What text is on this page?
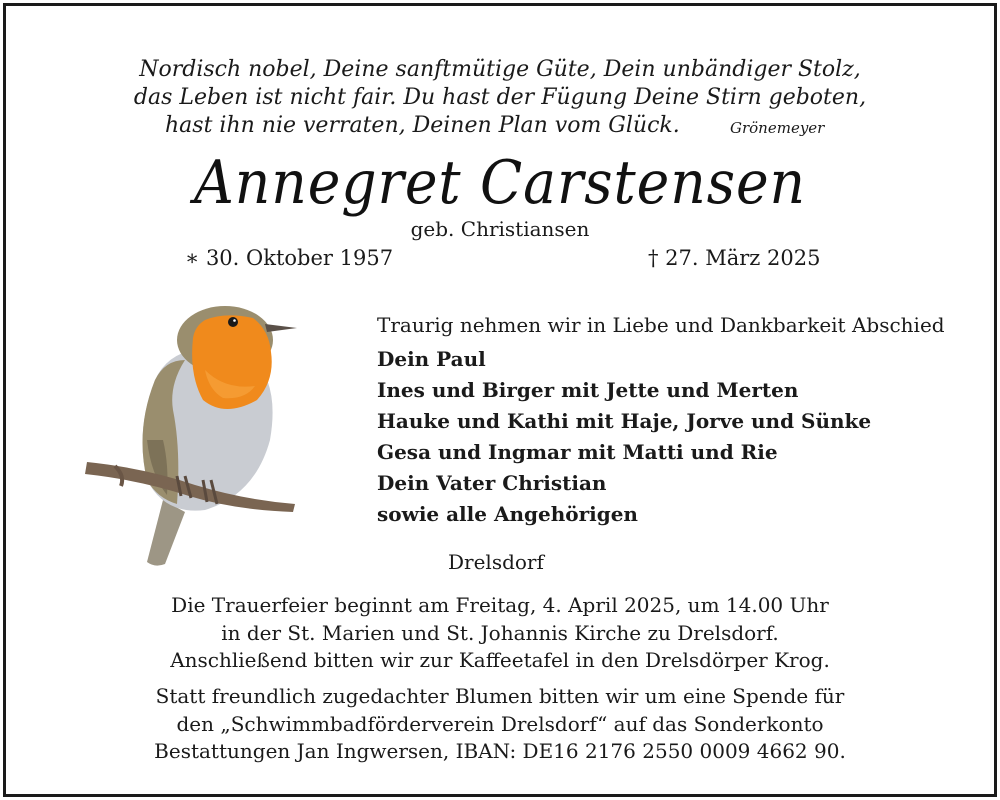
Nordisch nobel, Deine sanftmütige Güte, Dein unbändiger Stolz,
das Leben ist nicht fair. Du hast der Fügung Deine Stirn geboten,
hast ihn nie verraten, Deinen Plan vom Glück.	Grönemeyer
Annegret Carstensen
geb. Christiansen
∗ 30. Oktober 1957	† 27. März 2025
Traurig nehmen wir in Liebe und Dankbarkeit Abschied
Dein Paul
Ines und Birger mit Jette und Merten
Hauke und Kathi mit Haje, Jorve und Sünke
Gesa und Ingmar mit Matti und Rie
Dein Vater Christian
sowie alle Angehörigen
Drelsdorf

Die Trauerfeier beginnt am Freitag, 4. April 2025, um 14.00 Uhr

in der St. Marien und St. Johannis Kirche zu Drelsdorf.

Anschließend bitten wir zur Kaffeetafel in den Drelsdörper Krog.

Statt freundlich zugedachter Blumen bitten wir um eine Spende für

den „Schwimmbadförderverein Drelsdorf“ auf das Sonderkonto

Bestattungen Jan Ingwersen, IBAN: DE16 2176 2550 0009 4662 90.
